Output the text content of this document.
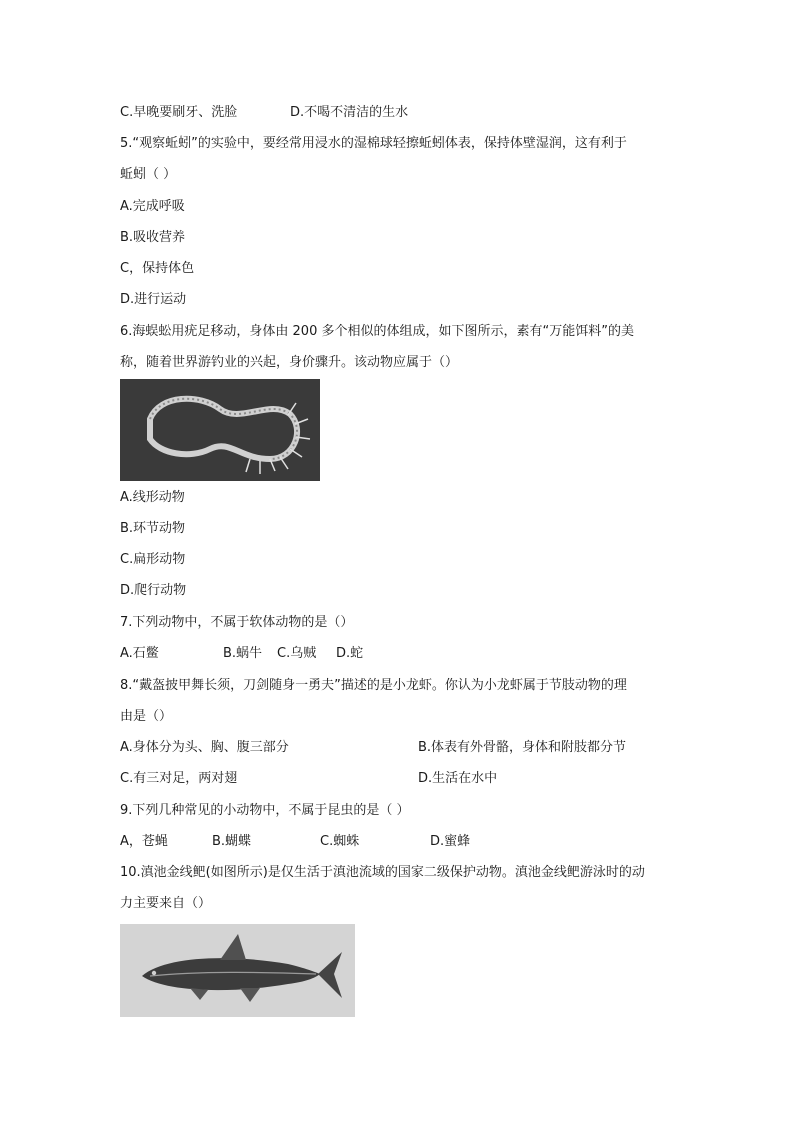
C.早晚要刷牙、洗脸	D.不喝不清洁的生水
5.“观察蚯蚓”的实验中，要经常用浸水的湿棉球轻擦蚯蚓体表，保持体壁湿润，这有利于
蚯蚓（ ）
A.完成呼吸
B.吸收营养
C，保持体色
D.进行运动
6.海蜈蚣用疣足移动，身体由 200 多个相似的体组成，如下图所示，素有“万能饵料”的美
称，随着世界游钓业的兴起，身价骤升。该动物应属于（）
A.线形动物
B.环节动物
C.扁形动物
D.爬行动物
7.下列动物中，不属于软体动物的是（）
A.石鳖	B.蜗牛 C.乌贼 D.蛇
8.“戴盔披甲舞长须，刀剑随身一勇夫”描述的是小龙虾。你认为小龙虾属于节肢动物的理
由是（）
A.身体分为头、胸、腹三部分	B.体表有外骨骼，身体和附肢都分节
C.有三对足，两对翅	D.生活在水中
9.下列几种常见的小动物中，不属于昆虫的是（ ）
A，苍蝇	B.蝴蝶	C.蜘蛛	D.蜜蜂
10.滇池金线鲃(如图所示)是仅生活于滇池流域的国家二级保护动物。滇池金线鲃游泳时的动
力主要来自（）
